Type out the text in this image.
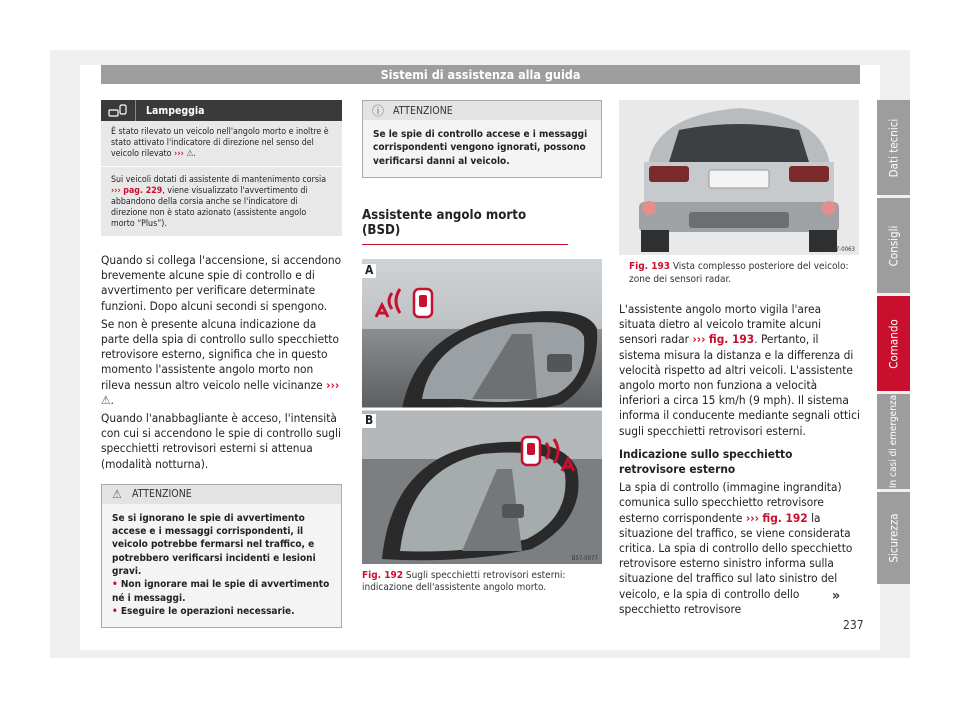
Sistemi di assistenza alla guida
Lampeggia
È stato rilevato un veicolo nell'angolo morto e inoltre è stato attivato l'indicatore di direzione nel senso del veicolo rilevato ››› ⚠.
Sui veicoli dotati di assistente di mantenimento corsia ››› pag. 229, viene visualizzato l'avvertimento di abbandono della corsia anche se l'indicatore di direzione non è stato azionato (assistente angolo morto “Plus”).

Quando si collega l'accensione, si accendono brevemente alcune spie di controllo e di avvertimento per verificare determinate funzioni. Dopo alcuni secondi si spengono.

Se non è presente alcuna indicazione da parte della spia di controllo sullo specchietto retrovisore esterno, significa che in questo momento l'assistente angolo morto non rileva nessun altro veicolo nelle vicinanze ››› ⚠.

Quando l'anabbagliante è acceso, l'intensità con cui si accendono le spie di controllo sugli specchietti retrovisori esterni si attenua (modalità notturna).

⚠ ATTENZIONE
Se si ignorano le spie di avvertimento accese e i messaggi corrispondenti, il veicolo potrebbe fermarsi nel traffico, e potrebbero verificarsi incidenti e lesioni gravi.
• Non ignorare mai le spie di avvertimento né i messaggi.
• Eseguire le operazioni necessarie.
ⓘ ATTENZIONE
Se le spie di controllo accese e i messaggi corrispondenti vengono ignorati, possono verificarsi danni al veicolo.

Assistente angolo morto (BSD)

A
B
B57-0077
Fig. 192 Sugli specchietti retrovisori esterni: indicazione dell'assistente angolo morto.
B57-0063
Fig. 193 Vista complesso posteriore del veicolo: zone dei sensori radar.

L'assistente angolo morto vigila l'area situata dietro al veicolo tramite alcuni sensori radar ››› fig. 193. Pertanto, il sistema misura la distanza e la differenza di velocità rispetto ad altri veicoli. L'assistente angolo morto non funziona a velocità inferiori a circa 15 km/h (9 mph). Il sistema informa il conducente mediante segnali ottici sugli specchietti retrovisori esterni.

Indicazione sullo specchietto retrovisore esterno

La spia di controllo (immagine ingrandita) comunica sullo specchietto retrovisore esterno corrispondente ››› fig. 192 la situazione del traffico, se viene considerata critica. La spia di controllo dello specchietto retrovisore esterno sinistro informa sulla situazione del traffico sul lato sinistro del veicolo, e la spia di controllo dello specchietto retrovisore

»
Dati tecnici
Consigli
Comando
In casi di emergenza
Sicurezza
237
